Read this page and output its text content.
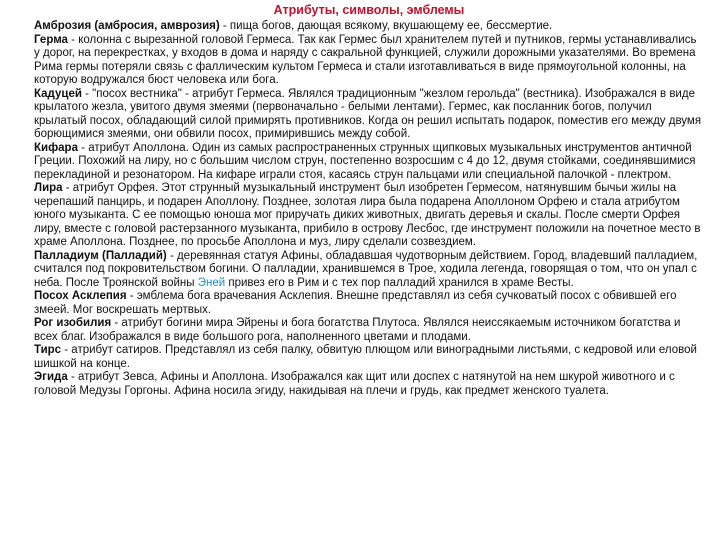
Атрибуты, символы, эмблемы

Амброзия (амбросия, амврозия) - пища богов, дающая всякому, вкушающему ее, бессмертие.

Герма - колонна с вырезанной головой Гермеса. Так как Гермес был хранителем путей и путников, гермы устанавливались у дорог, на перекрестках, у входов в дома и наряду с сакральной функцией, служили дорожными указателями. Во времена Рима гермы потеряли связь с фаллическим культом Гермеса и стали изготавливаться в виде прямоугольной колонны, на которую водружался бюст человека или бога.

Кадуцей - "посох вестника" - атрибут Гермеса. Являлся традиционным "жезлом герольда" (вестника). Изображался в виде крылатого жезла, увитого двумя змеями (первоначально - белыми лентами). Гермес, как посланник богов, получил крылатый посох, обладающий силой примирять противников. Когда он решил испытать подарок, поместив его между двумя борющимися змеями, они обвили посох, примирившись между собой.

Кифара - атрибут Аполлона. Один из самых распространенных струнных щипковых музыкальных инструментов античной Греции. Похожий на лиру, но с большим числом струн, постепенно возросшим с 4 до 12, двумя стойками, соединявшимися перекладиной и резонатором. На кифаре играли стоя, касаясь струн пальцами или специальной палочкой - плектром.

Лира - атрибут Орфея. Этот струнный музыкальный инструмент был изобретен Гермесом, натянувшим бычьи жилы на черепаший панцирь, и подарен Аполлону. Позднее, золотая лира была подарена Аполлоном Орфею и стала атрибутом юного музыканта. С ее помощью юноша мог приручать диких животных, двигать деревья и скалы. После смерти Орфея лиру, вместе с головой растерзанного музыканта, прибило в острову Лесбос, где инструмент положили на почетное место в храме Аполлона. Позднее, по просьбе Аполлона и муз, лиру сделали созвездием.

Палладиум (Палладий) - деревянная статуя Афины, обладавшая чудотворным действием. Город, владевший палладием, считался под покровительством богини. О палладии, хранившемся в Трое, ходила легенда, говорящая о том, что он упал с неба. После Троянской войны Эней привез его в Рим и с тех пор палладий хранился в храме Весты.

Посох Асклепия - эмблема бога врачевания Асклепия. Внешне представлял из себя сучковатый посох с обвившей его змеей. Мог воскрешать мертвых.

Рог изобилия - атрибут богини мира Эйрены и бога богатства Плутоса. Являлся неиссякаемым источником богатства и всех благ. Изображался в виде большого рога, наполненного цветами и плодами.

Тирс - атрибут сатиров. Представлял из себя палку, обвитую плющом или виноградными листьями, с кедровой или еловой шишкой на конце.

Эгида - атрибут Зевса, Афины и Аполлона. Изображался как щит или доспех с натянутой на нем шкурой животного и с головой Медузы Горгоны. Афина носила эгиду, накидывая на плечи и грудь, как предмет женского туалета.
